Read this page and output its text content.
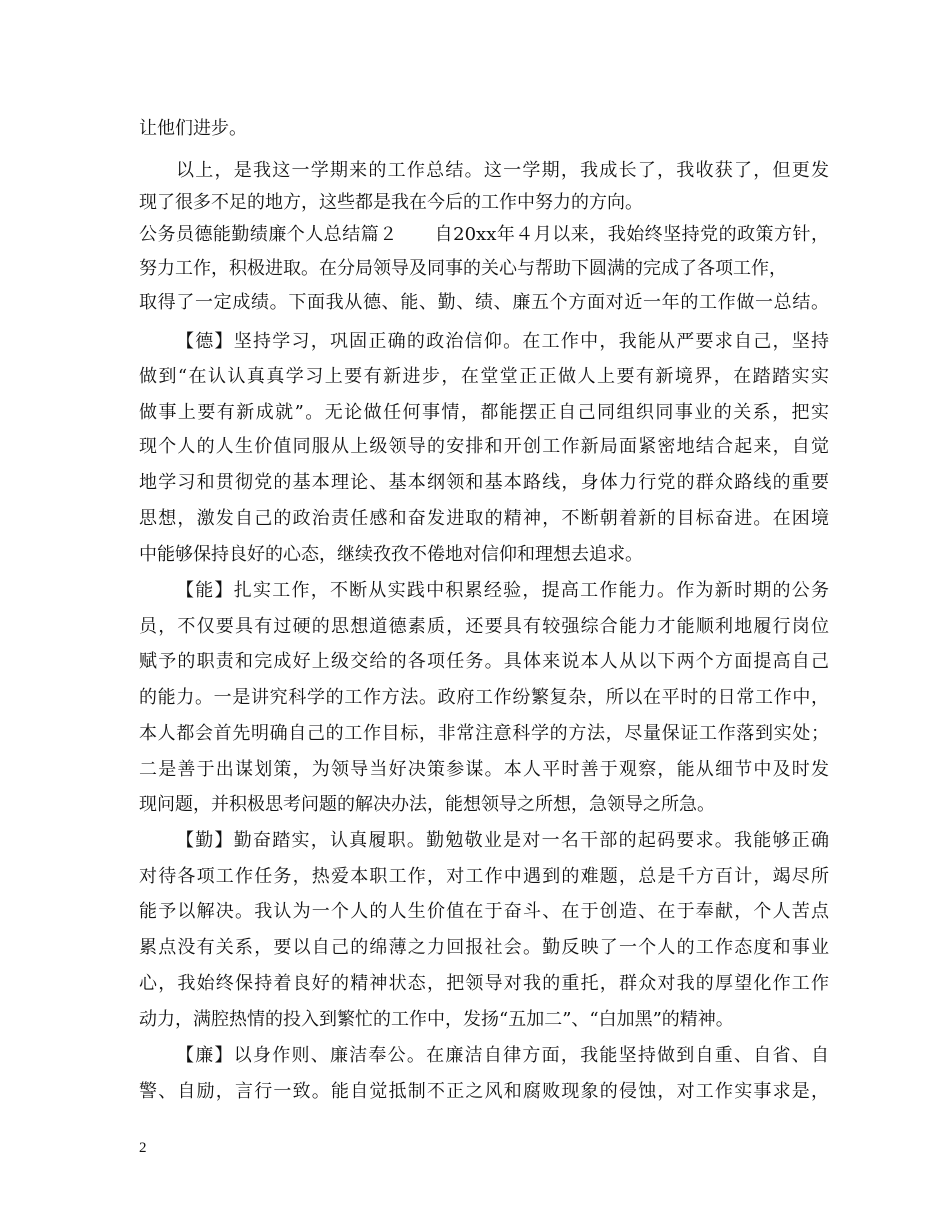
让他们进步。
以上，是我这一学期来的工作总结。这一学期，我成长了，我收获了，但更发
现了很多不足的地方，这些都是我在今后的工作中努力的方向。
公务员德能勤绩廉个人总结篇２　　自20xx年４月以来，我始终坚持党的政策方针，
努力工作，积极进取。在分局领导及同事的关心与帮助下圆满的完成了各项工作，
取得了一定成绩。下面我从德、能、勤、绩、廉五个方面对近一年的工作做一总结。
【德】坚持学习，巩固正确的政治信仰。在工作中，我能从严要求自己，坚持
做到“在认认真真学习上要有新进步，在堂堂正正做人上要有新境界，在踏踏实实
做事上要有新成就”。无论做任何事情，都能摆正自己同组织同事业的关系，把实
现个人的人生价值同服从上级领导的安排和开创工作新局面紧密地结合起来，自觉
地学习和贯彻党的基本理论、基本纲领和基本路线，身体力行党的群众路线的重要
思想，激发自己的政治责任感和奋发进取的精神，不断朝着新的目标奋进。在困境
中能够保持良好的心态，继续孜孜不倦地对信仰和理想去追求。
【能】扎实工作，不断从实践中积累经验，提高工作能力。作为新时期的公务
员，不仅要具有过硬的思想道德素质，还要具有较强综合能力才能顺利地履行岗位
赋予的职责和完成好上级交给的各项任务。具体来说本人从以下两个方面提高自己
的能力。一是讲究科学的工作方法。政府工作纷繁复杂，所以在平时的日常工作中，
本人都会首先明确自己的工作目标，非常注意科学的方法，尽量保证工作落到实处；
二是善于出谋划策，为领导当好决策参谋。本人平时善于观察，能从细节中及时发
现问题，并积极思考问题的解决办法，能想领导之所想，急领导之所急。
【勤】勤奋踏实，认真履职。勤勉敬业是对一名干部的起码要求。我能够正确
对待各项工作任务，热爱本职工作，对工作中遇到的难题，总是千方百计，竭尽所
能予以解决。我认为一个人的人生价值在于奋斗、在于创造、在于奉献，个人苦点
累点没有关系，要以自己的绵薄之力回报社会。勤反映了一个人的工作态度和事业
心，我始终保持着良好的精神状态，把领导对我的重托，群众对我的厚望化作工作
动力，满腔热情的投入到繁忙的工作中，发扬“五加二”、“白加黑”的精神。
【廉】以身作则、廉洁奉公。在廉洁自律方面，我能坚持做到自重、自省、自
警、自励，言行一致。能自觉抵制不正之风和腐败现象的侵蚀，对工作实事求是，
2
